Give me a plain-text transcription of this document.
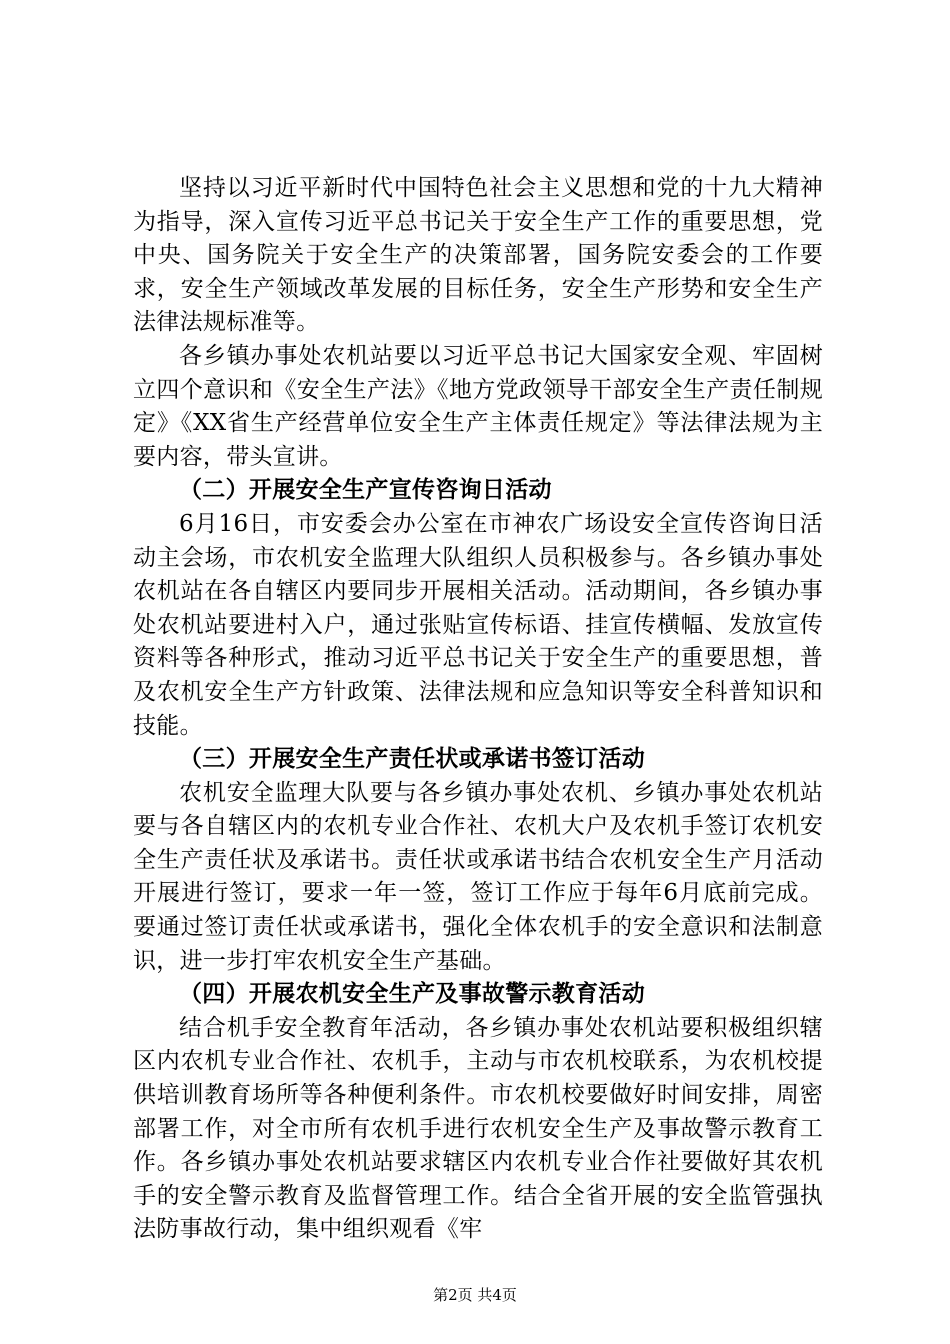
坚持以习近平新时代中国特色社会主义思想和党的十九大精神为指导，深入宣传习近平总书记关于安全生产工作的重要思想，党中央、国务院关于安全生产的决策部署，国务院安委会的工作要求，安全生产领域改革发展的目标任务，安全生产形势和安全生产法律法规标准等。

各乡镇办事处农机站要以习近平总书记大国家安全观、牢固树立四个意识和《安全生产法》《地方党政领导干部安全生产责任制规定》《XX省生产经营单位安全生产主体责任规定》等法律法规为主要内容，带头宣讲。

（二）开展安全生产宣传咨询日活动

6月16日，市安委会办公室在市神农广场设安全宣传咨询日活动主会场，市农机安全监理大队组织人员积极参与。各乡镇办事处农机站在各自辖区内要同步开展相关活动。活动期间，各乡镇办事处农机站要进村入户，通过张贴宣传标语、挂宣传横幅、发放宣传资料等各种形式，推动习近平总书记关于安全生产的重要思想，普及农机安全生产方针政策、法律法规和应急知识等安全科普知识和技能。

（三）开展安全生产责任状或承诺书签订活动

农机安全监理大队要与各乡镇办事处农机、乡镇办事处农机站要与各自辖区内的农机专业合作社、农机大户及农机手签订农机安全生产责任状及承诺书。责任状或承诺书结合农机安全生产月活动开展进行签订，要求一年一签，签订工作应于每年6月底前完成。要通过签订责任状或承诺书，强化全体农机手的安全意识和法制意识，进一步打牢农机安全生产基础。

（四）开展农机安全生产及事故警示教育活动

结合机手安全教育年活动，各乡镇办事处农机站要积极组织辖区内农机专业合作社、农机手，主动与市农机校联系，为农机校提供培训教育场所等各种便利条件。市农机校要做好时间安排，周密部署工作，对全市所有农机手进行农机安全生产及事故警示教育工作。各乡镇办事处农机站要求辖区内农机专业合作社要做好其农机手的安全警示教育及监督管理工作。结合全省开展的安全监管强执法防事故行动，集中组织观看《牢

第2页 共4页
